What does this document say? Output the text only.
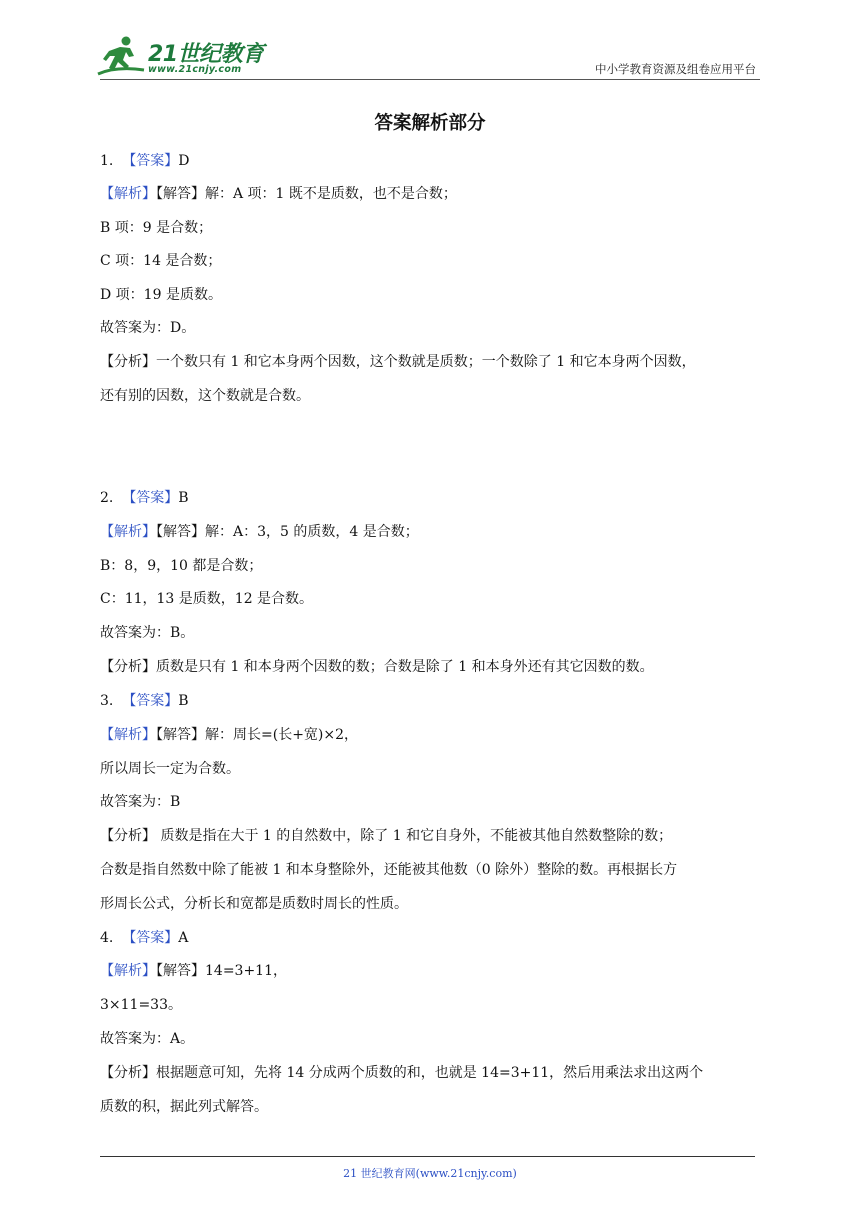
21世纪教育
www.21cnjy.com	中小学教育资源及组卷应用平台
答案解析部分
1. 【答案】D
【解析】【解答】解：A 项：1 既不是质数，也不是合数；
B 项：9 是合数；
C 项：14 是合数；
D 项：19 是质数。
故答案为：D。
【分析】一个数只有 1 和它本身两个因数，这个数就是质数；一个数除了 1 和它本身两个因数，
还有别的因数，这个数就是合数。
2. 【答案】B
【解析】【解答】解：A：3，5 的质数，4 是合数；
B：8，9，10 都是合数；
C：11，13 是质数，12 是合数。
故答案为：B。
【分析】质数是只有 1 和本身两个因数的数；合数是除了 1 和本身外还有其它因数的数。
3. 【答案】B
【解析】【解答】解：周长=(长+宽)×2，
所以周长一定为合数。
故答案为：B
【分析】 质数是指在大于 1 的自然数中，除了 1 和它自身外，不能被其他自然数整除的数；
合数是指自然数中除了能被 1 和本身整除外，还能被其他数（0 除外）整除的数。再根据长方
形周长公式，分析长和宽都是质数时周长的性质。
4. 【答案】A
【解析】【解答】14=3+11，
3×11=33。
故答案为：A。
【分析】根据题意可知，先将 14 分成两个质数的和，也就是 14=3+11，然后用乘法求出这两个
质数的积，据此列式解答。
21 世纪教育网(www.21cnjy.com)
